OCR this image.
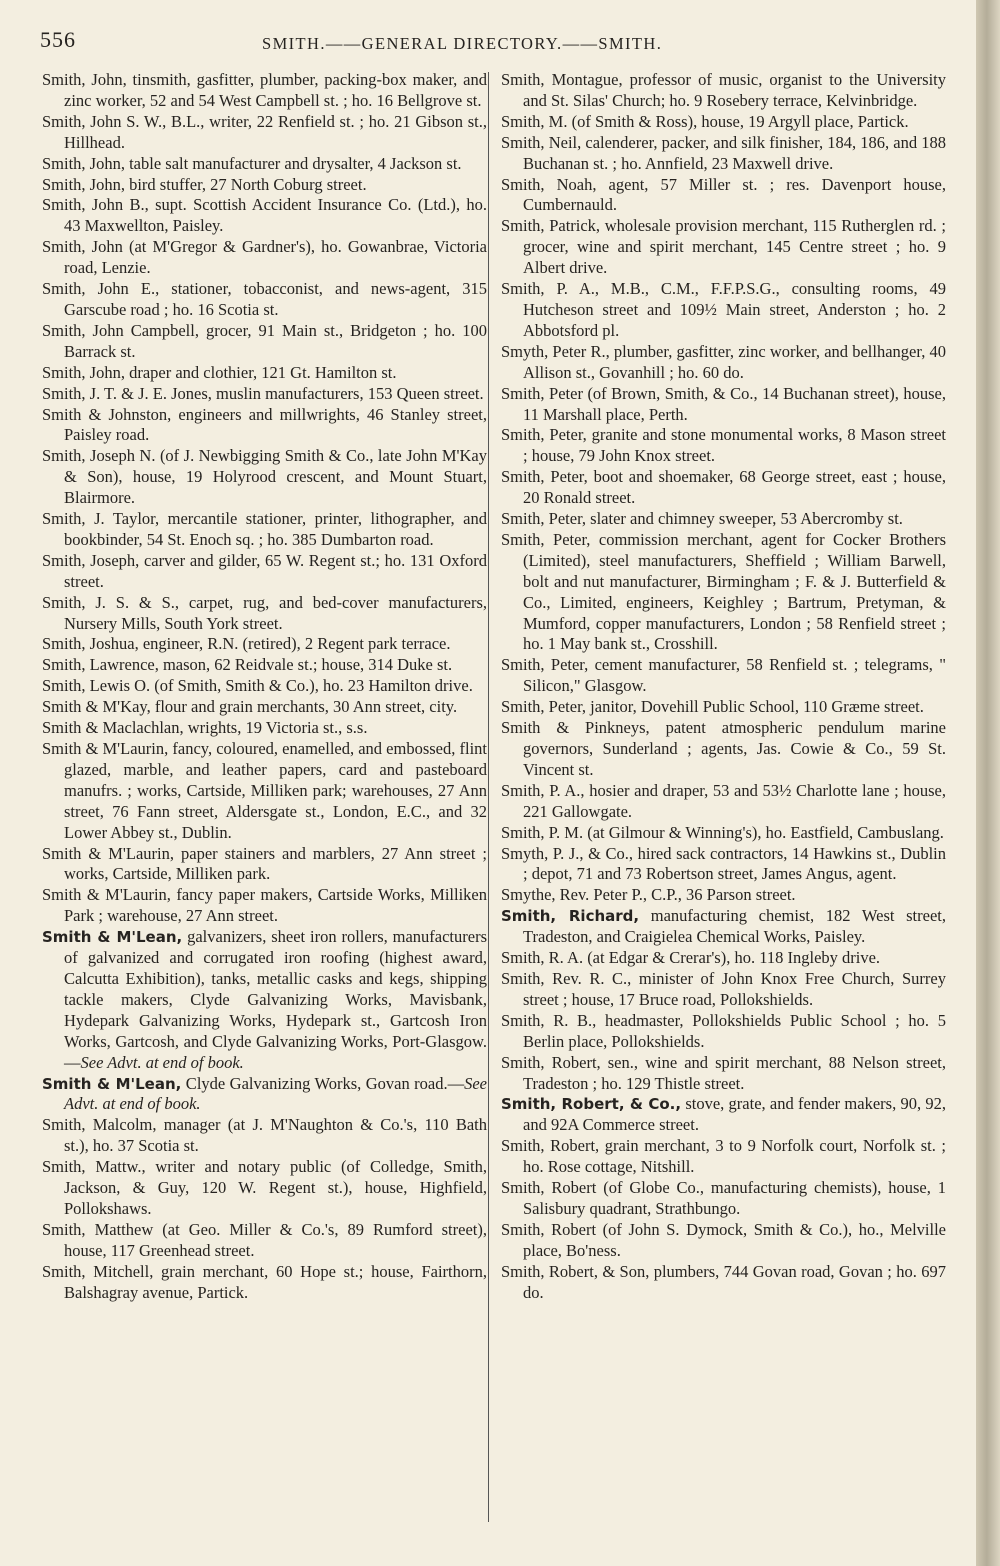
556	SMITH.——GENERAL DIRECTORY.——SMITH.
Smith, John, tinsmith, gasfitter, plumber, packing-box maker, and zinc worker, 52 and 54 West Campbell st. ; ho. 16 Bellgrove st.
Smith, John S. W., B.L., writer, 22 Renfield st. ; ho. 21 Gibson st., Hillhead.
Smith, John, table salt manufacturer and drysalter, 4 Jackson st.
Smith, John, bird stuffer, 27 North Coburg street.
Smith, John B., supt. Scottish Accident Insurance Co. (Ltd.), ho. 43 Maxwellton, Paisley.
Smith, John (at M'Gregor & Gardner's), ho. Gowanbrae, Victoria road, Lenzie.
Smith, John E., stationer, tobacconist, and news-agent, 315 Garscube road ; ho. 16 Scotia st.
Smith, John Campbell, grocer, 91 Main st., Bridgeton ; ho. 100 Barrack st.
Smith, John, draper and clothier, 121 Gt. Hamilton st.
Smith, J. T. & J. E. Jones, muslin manufacturers, 153 Queen street.
Smith & Johnston, engineers and millwrights, 46 Stanley street, Paisley road.
Smith, Joseph N. (of J. Newbigging Smith & Co., late John M'Kay & Son), house, 19 Holyrood crescent, and Mount Stuart, Blairmore.
Smith, J. Taylor, mercantile stationer, printer, lithographer, and bookbinder, 54 St. Enoch sq. ; ho. 385 Dumbarton road.
Smith, Joseph, carver and gilder, 65 W. Regent st.; ho. 131 Oxford street.
Smith, J. S. & S., carpet, rug, and bed-cover manufacturers, Nursery Mills, South York street.
Smith, Joshua, engineer, R.N. (retired), 2 Regent park terrace.
Smith, Lawrence, mason, 62 Reidvale st.; house, 314 Duke st.
Smith, Lewis O. (of Smith, Smith & Co.), ho. 23 Hamilton drive.
Smith & M'Kay, flour and grain merchants, 30 Ann street, city.
Smith & Maclachlan, wrights, 19 Victoria st., s.s.
Smith & M'Laurin, fancy, coloured, enamelled, and embossed, flint glazed, marble, and leather papers, card and pasteboard manufrs. ; works, Cartside, Milliken park; warehouses, 27 Ann street, 76 Fann street, Aldersgate st., London, E.C., and 32 Lower Abbey st., Dublin.
Smith & M'Laurin, paper stainers and marblers, 27 Ann street ; works, Cartside, Milliken park.
Smith & M'Laurin, fancy paper makers, Cartside Works, Milliken Park ; warehouse, 27 Ann street.
Smith & M'Lean, galvanizers, sheet iron rollers, manufacturers of galvanized and corrugated iron roofing (highest award, Calcutta Exhibition), tanks, metallic casks and kegs, shipping tackle makers, Clyde Galvanizing Works, Mavisbank, Hydepark Galvanizing Works, Hydepark st., Gartcosh Iron Works, Gartcosh, and Clyde Galvanizing Works, Port-Glasgow.—See Advt. at end of book.
Smith & M'Lean, Clyde Galvanizing Works, Govan road.—See Advt. at end of book.
Smith, Malcolm, manager (at J. M'Naughton & Co.'s, 110 Bath st.), ho. 37 Scotia st.
Smith, Mattw., writer and notary public (of Colledge, Smith, Jackson, & Guy, 120 W. Regent st.), house, Highfield, Pollokshaws.
Smith, Matthew (at Geo. Miller & Co.'s, 89 Rumford street), house, 117 Greenhead street.
Smith, Mitchell, grain merchant, 60 Hope st.; house, Fairthorn, Balshagray avenue, Partick.
Smith, Montague, professor of music, organist to the University and St. Silas' Church; ho. 9 Rosebery terrace, Kelvinbridge.
Smith, M. (of Smith & Ross), house, 19 Argyll place, Partick.
Smith, Neil, calenderer, packer, and silk finisher, 184, 186, and 188 Buchanan st. ; ho. Annfield, 23 Maxwell drive.
Smith, Noah, agent, 57 Miller st. ; res. Davenport house, Cumbernauld.
Smith, Patrick, wholesale provision merchant, 115 Rutherglen rd. ; grocer, wine and spirit merchant, 145 Centre street ; ho. 9 Albert drive.
Smith, P. A., M.B., C.M., F.F.P.S.G., consulting rooms, 49 Hutcheson street and 109½ Main street, Anderston ; ho. 2 Abbotsford pl.
Smyth, Peter R., plumber, gasfitter, zinc worker, and bellhanger, 40 Allison st., Govanhill ; ho. 60 do.
Smith, Peter (of Brown, Smith, & Co., 14 Buchanan street), house, 11 Marshall place, Perth.
Smith, Peter, granite and stone monumental works, 8 Mason street ; house, 79 John Knox street.
Smith, Peter, boot and shoemaker, 68 George street, east ; house, 20 Ronald street.
Smith, Peter, slater and chimney sweeper, 53 Abercromby st.
Smith, Peter, commission merchant, agent for Cocker Brothers (Limited), steel manufacturers, Sheffield ; William Barwell, bolt and nut manufacturer, Birmingham ; F. & J. Butterfield & Co., Limited, engineers, Keighley ; Bartrum, Pretyman, & Mumford, copper manufacturers, London ; 58 Renfield street ; ho. 1 May bank st., Crosshill.
Smith, Peter, cement manufacturer, 58 Renfield st. ; telegrams, " Silicon," Glasgow.
Smith, Peter, janitor, Dovehill Public School, 110 Græme street.
Smith & Pinkneys, patent atmospheric pendulum marine governors, Sunderland ; agents, Jas. Cowie & Co., 59 St. Vincent st.
Smith, P. A., hosier and draper, 53 and 53½ Charlotte lane ; house, 221 Gallowgate.
Smith, P. M. (at Gilmour & Winning's), ho. Eastfield, Cambuslang.
Smyth, P. J., & Co., hired sack contractors, 14 Hawkins st., Dublin ; depot, 71 and 73 Robertson street, James Angus, agent.
Smythe, Rev. Peter P., C.P., 36 Parson street.
Smith, Richard, manufacturing chemist, 182 West street, Tradeston, and Craigielea Chemical Works, Paisley.
Smith, R. A. (at Edgar & Crerar's), ho. 118 Ingleby drive.
Smith, Rev. R. C., minister of John Knox Free Church, Surrey street ; house, 17 Bruce road, Pollokshields.
Smith, R. B., headmaster, Pollokshields Public School ; ho. 5 Berlin place, Pollokshields.
Smith, Robert, sen., wine and spirit merchant, 88 Nelson street, Tradeston ; ho. 129 Thistle street.
Smith, Robert, & Co., stove, grate, and fender makers, 90, 92, and 92A Commerce street.
Smith, Robert, grain merchant, 3 to 9 Norfolk court, Norfolk st. ; ho. Rose cottage, Nitshill.
Smith, Robert (of Globe Co., manufacturing chemists), house, 1 Salisbury quadrant, Strathbungo.
Smith, Robert (of John S. Dymock, Smith & Co.), ho., Melville place, Bo'ness.
Smith, Robert, & Son, plumbers, 744 Govan road, Govan ; ho. 697 do.
